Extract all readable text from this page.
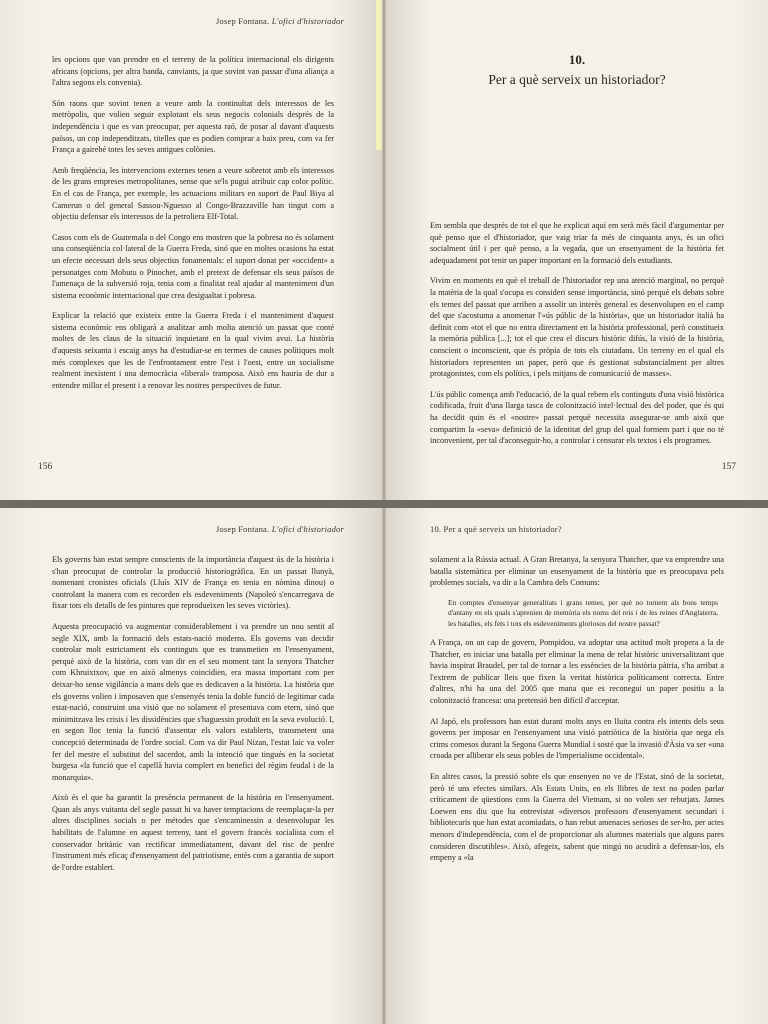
Josep Fontana. L'ofici d'historiador

les opcions que van prendre en el terreny de la política internacional els dirigents africans (opcions, per altra banda, canviants, ja que sovint van passar d'una aliança a l'altra segons els convenia).

Són raons que sovint tenen a veure amb la continuïtat dels interessos de les metròpolis, que volien seguir explotant els seus negocis colonials després de la independència i que es van preocupar, per aquesta raó, de posar al davant d'aquests països, un cop independitzats, titelles que es podien comprar a baix preu, com va fer França a gairebé totes les seves antigues colònies.

Amb freqüència, les intervencions externes tenen a veure sobretot amb els interessos de les grans empreses metropolitanes, sense que se'ls pugui atribuir cap color polític. En el cas de França, per exemple, les actuacions militars en suport de Paul Biya al Camerun o del general Sassou-Nguesso al Congo-Brazzaville han tingut com a objectiu defensar els interessos de la petroliera Elf-Total.

Casos com els de Guatemala o del Congo ens mostren que la pobresa no és solament una conseqüència col·lateral de la Guerra Freda, sinó que en moltes ocasions ha estat un efecte necessari dels seus objectius fonamentals: el suport donat per «occident» a personatges com Mobutu o Pinochet, amb el pretext de defensar els seus països de l'amenaça de la subversió roja, tenia com a finalitat real ajudar al manteniment d'un sistema econòmic internacional que crea desigualtat i pobresa.

Explicar la relació que existeix entre la Guerra Freda i el manteniment d'aquest sistema econòmic ens obligarà a analitzar amb molta atenció un passat que conté moltes de les claus de la situació inquietant en la qual vivim avui. La història d'aquests seixanta i escaig anys ha d'estudiar-se en termes de causes polítiques molt més complexes que les de l'enfrontament entre l'est i l'oest, entre un socialisme realment inexistent i una democràcia «liberal» tramposa. Això ens hauria de dur a entendre millor el present i a renovar les nostres perspectives de futur.

156
10.
Per a què serveix un historiador?

Em sembla que després de tot el que he explicat aquí em serà més fàcil d'argumentar per què penso que el d'historiador, que vaig triar fa més de cinquanta anys, és un ofici socialment útil i per què penso, a la vegada, que un ensenyament de la història fet adequadament pot tenir un paper important en la formació dels estudiants.

Vivim en moments en què el treball de l'historiador rep una atenció marginal, no perquè la matèria de la qual s'ocupa es consideri sense importància, sinó perquè els debats sobre els temes del passat que arriben a assolir un interès general es desenvolupen en el camp del que s'acostuma a anomenar l'«ús públic de la història», que un historiador italià ha definit com «tot el que no entra directament en la història professional, però constitueix la memòria pública [...]; tot el que crea el discurs històric difús, la visió de la història, conscient o inconscient, que és pròpia de tots els ciutadans. Un terreny en el qual els historiadors representen un paper, però que és gestionat substancialment per altres protagonistes, com els polítics, i pels mitjans de comunicació de masses».

L'ús públic comença amb l'educació, de la qual rebem els continguts d'una visió històrica codificada, fruit d'una llarga tasca de colonització intel·lectual des del poder, que és qui ha decidit quin és el «nostre» passat perquè necessita assegurar-se amb això que compartim la «seva» definició de la identitat del grup del qual formem part i que no té inconvenient, per tal d'aconseguir-ho, a controlar i censurar els textos i els programes.

157
Josep Fontana. L'ofici d'historiador

Els governs han estat sempre conscients de la importància d'aquest ús de la història i s'han preocupat de controlar la producció historiogràfica. En un passat llunyà, nomenant cronistes oficials (Lluís XIV de França en tenia en nòmina dinou) o controlant la manera com es recorden els esdeveniments (Napoleó s'encarregava de fixar tots els detalls de les pintures que reprodueixen les seves victòries).

Aquesta preocupació va augmentar considerablement i va prendre un nou sentit al segle XIX, amb la formació dels estats-nació moderns. Els governs van decidir controlar molt estrictament els continguts que es transmetien en l'ensenyament, perquè això de la història, com van dir en el seu moment tant la senyora Thatcher com Khruixtxov, que en això almenys coincidien, era massa important com per deixar-ho sense vigilància a mans dels que es dedicaven a la història. La història que els governs volien i imposaven que s'ensenyés tenia la doble funció de legitimar cada estat-nació, construint una visió que no solament el presentava com etern, sinó que minimitzava les crisis i les dissidències que s'haguessin produït en la seva evolució. I, en segon lloc tenia la funció d'assentar els valors establerts, transmetent una concepció determinada de l'ordre social. Com va dir Paul Nizan, l'estat laic va voler fer del mestre el substitut del sacerdot, amb la intenció que tingués en la societat burgesa «la funció que el capellà havia complert en benefici del règim feudal i de la monarquia».

Això és el que ha garantit la presència permanent de la història en l'ensenyament. Quan als anys vuitanta del segle passat hi va haver temptacions de reemplaçar-la per altres disciplines socials o per mètodes que s'encaminessin a desenvolupar les habilitats de l'alumne en aquest terreny, tant el govern francès socialista com el conservador britànic van rectificar immediatament, davant del risc de perdre l'instrument més eficaç d'ensenyament del patriotisme, entès com a garantia de suport de l'ordre establert.

10. Per a què serveix un historiador?

solament a la Rússia actual. A Gran Bretanya, la senyora Thatcher, que va emprendre una batalla sistemàtica per eliminar un ensenyament de la història que es preocupava pels problemes socials, va dir a la Cambra dels Comuns:

En comptes d'ensenyar generalitats i grans temes, per què no tornem als bons temps d'antany en els quals s'aprenien de memòria els noms del reis i de les reines d'Anglaterra, les batalles, els fets i tots els esdeveniments gloriosos del nostre passat?

A França, on un cap de govern, Pompidou, va adoptar una actitud molt propera a la de Thatcher, en iniciar una batalla per eliminar la mena de relat històric universalitzant que havia inspirat Braudel, per tal de tornar a les essències de la història pàtria, s'ha arribat a l'extrem de publicar lleis que fixen la veritat històrica políticament correcta. Entre d'altres, n'hi ha una del 2005 que mana que es reconegui un paper positiu a la colonització francesa: una pretensió ben difícil d'acceptar.

Al Japó, els professors han estat durant molts anys en lluita contra els intents dels seus governs per imposar en l'ensenyament una visió patriòtica de la història que nega els crims comesos durant la Segona Guerra Mundial i sosté que la invasió d'Àsia va ser «una croada per alliberar els seus pobles de l'imperialisme occidental».

En altres casos, la pressió sobre els que ensenyen no ve de l'Estat, sinó de la societat, però té uns efectes similars. Als Estats Units, en els llibres de text no poden parlar críticament de qüestions com la Guerra del Vietnam, si no volen ser rebutjats. James Loewen ens diu que ha entrevistat «diversos professors d'ensenyament secundari i bibliotecaris que han estat acomiadats, o han rebut amenaces serioses de ser-ho, per actes menors d'independència, com el de proporcionar als alumnes materials que alguns pares consideren discutibles». Això, afegeix, sabent que ningú no acudirà a defensar-los, els empeny a «la
